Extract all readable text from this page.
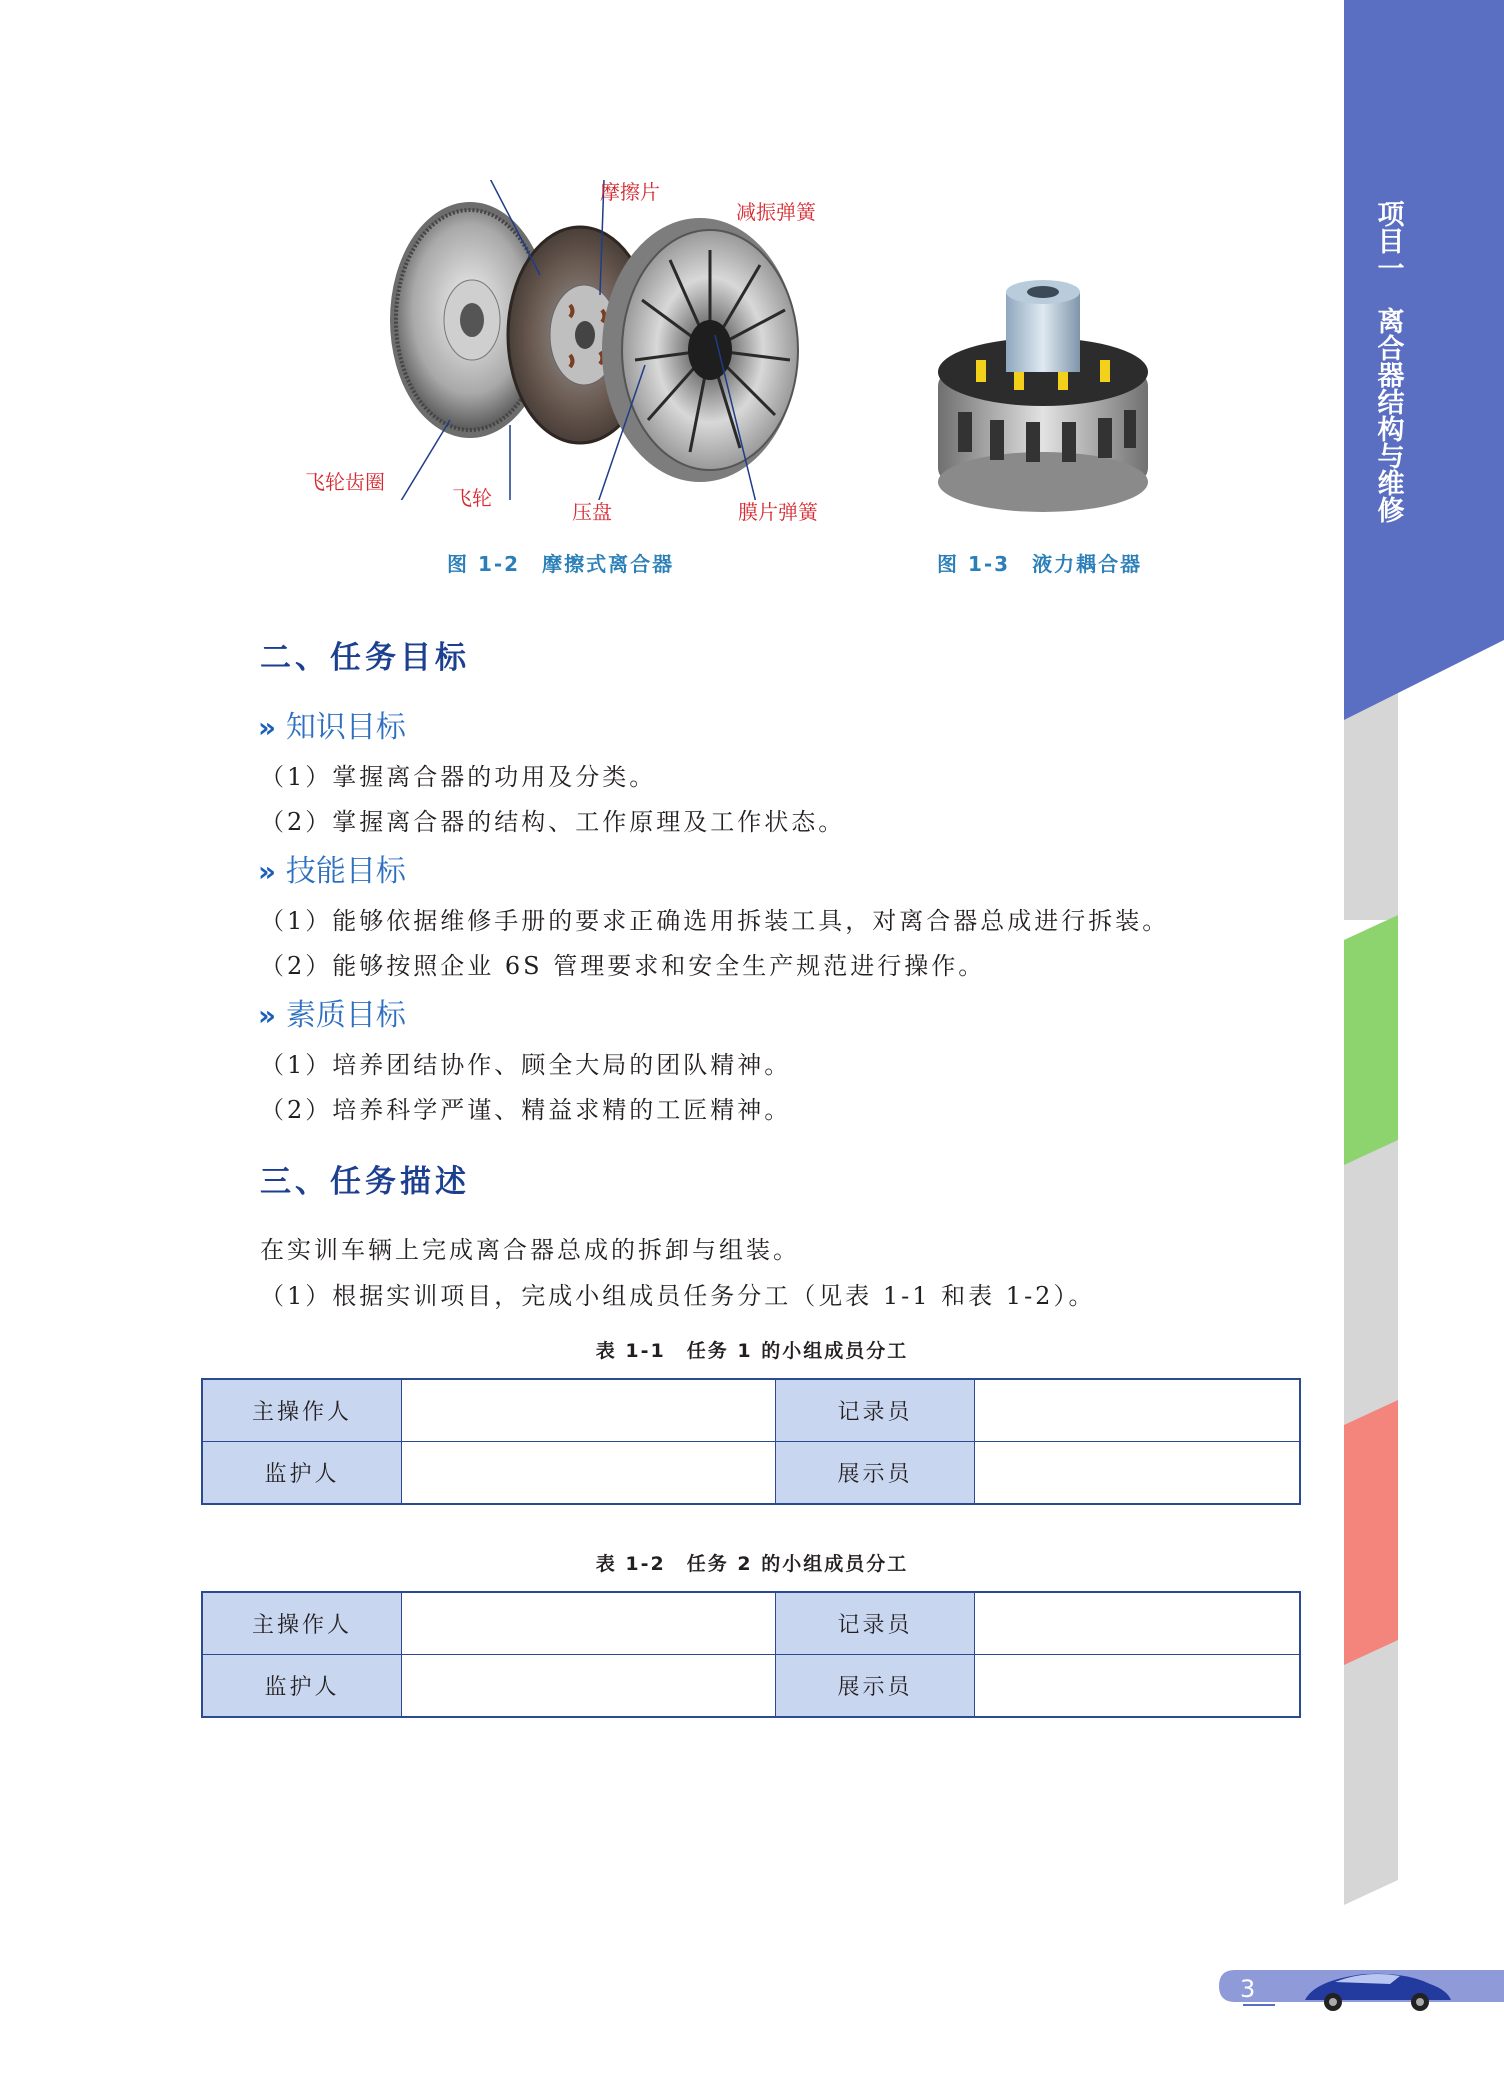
项目一
离合器结构与维修
摩擦片
减振弹簧
飞轮齿圈
飞轮
压盘	膜片弹簧
图 1-2　摩擦式离合器	图 1-3　液力耦合器
二、任务目标
›› 知识目标
（1）掌握离合器的功用及分类。
（2）掌握离合器的结构、工作原理及工作状态。
›› 技能目标
（1）能够依据维修手册的要求正确选用拆装工具，对离合器总成进行拆装。
（2）能够按照企业 6S 管理要求和安全生产规范进行操作。
›› 素质目标
（1）培养团结协作、顾全大局的团队精神。
（2）培养科学严谨、精益求精的工匠精神。
三、任务描述
在实训车辆上完成离合器总成的拆卸与组装。
（1）根据实训项目，完成小组成员任务分工（见表 1-1 和表 1-2）。
表 1-1　任务 1 的小组成员分工
主操作人		记录员	
监护人		展示员	
表 1-2　任务 2 的小组成员分工
主操作人		记录员	
监护人		展示员	
3
